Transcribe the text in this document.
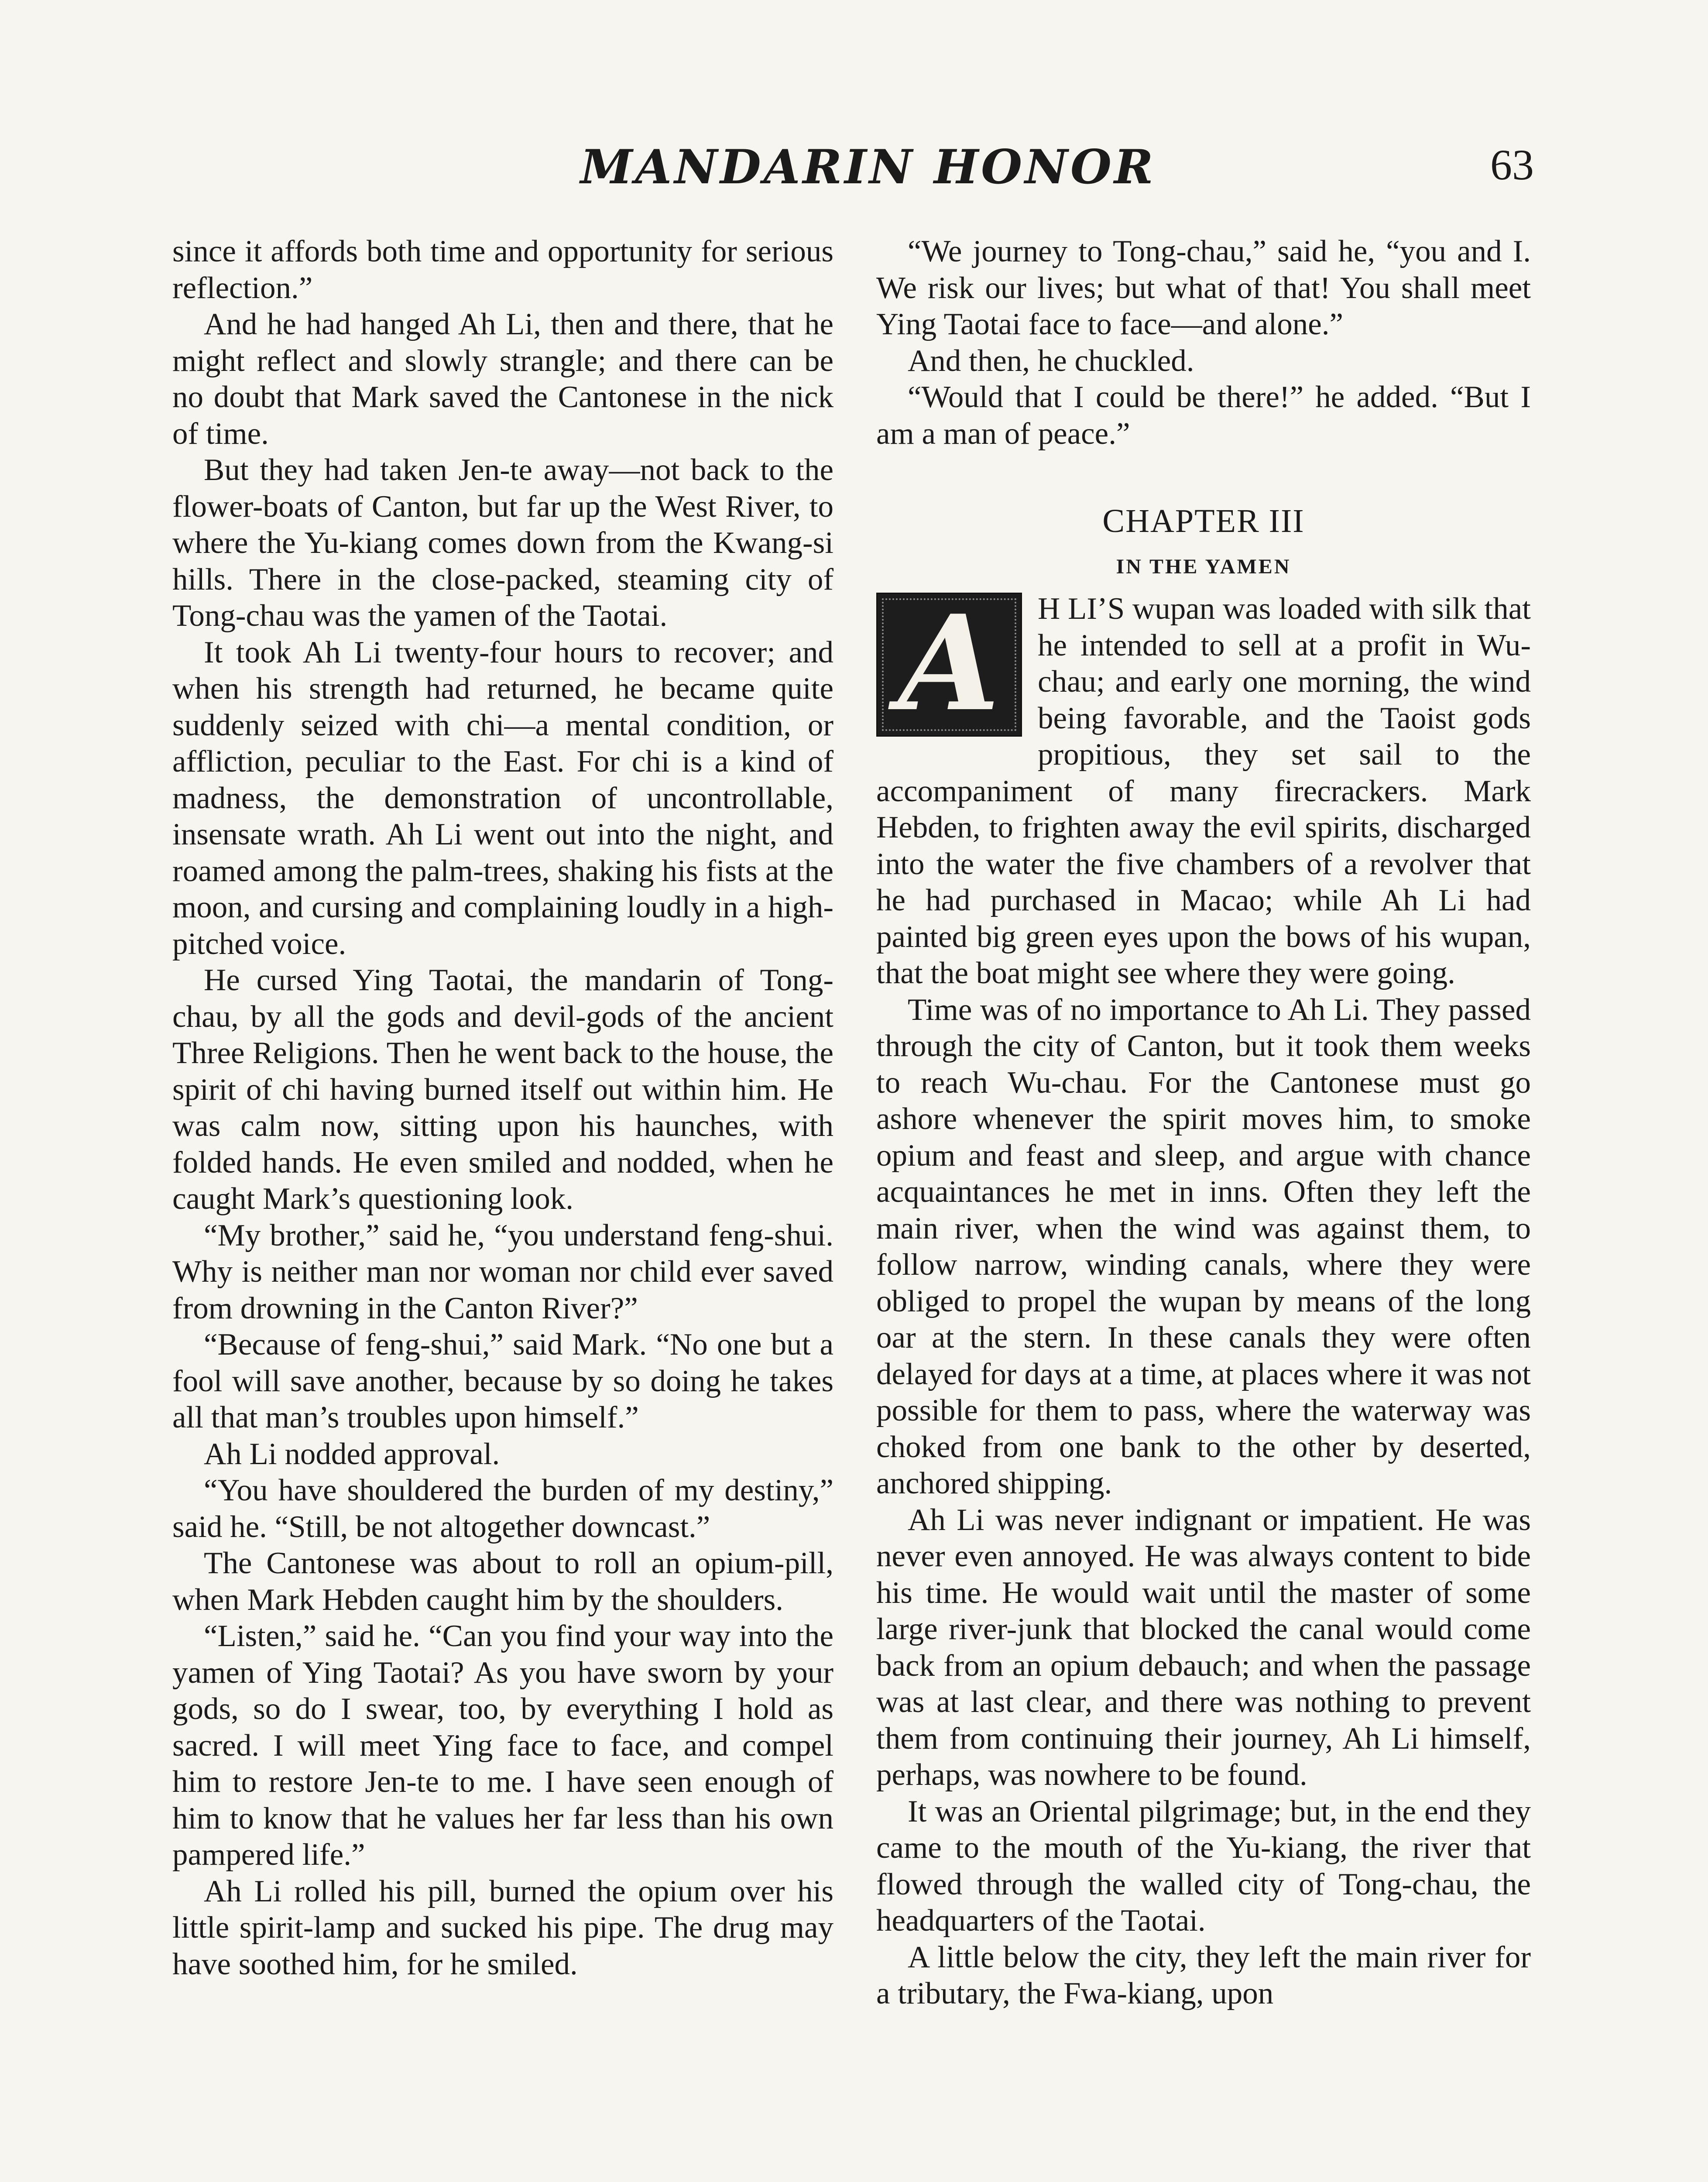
MANDARIN HONOR	63

since it affords both time and opportunity for serious reflection.”

And he had hanged Ah Li, then and there, that he might reflect and slowly strangle; and there can be no doubt that Mark saved the Cantonese in the nick of time.

But they had taken Jen-te away—not back to the flower-boats of Canton, but far up the West River, to where the Yu-kiang comes down from the Kwang-si hills. There in the close-packed, steaming city of Tong-chau was the yamen of the Taotai.

It took Ah Li twenty-four hours to recover; and when his strength had returned, he became quite suddenly seized with chi—a mental condition, or affliction, peculiar to the East. For chi is a kind of madness, the demonstration of uncontrollable, insensate wrath. Ah Li went out into the night, and roamed among the palm-trees, shaking his fists at the moon, and cursing and complaining loudly in a high-pitched voice.

He cursed Ying Taotai, the mandarin of Tong-chau, by all the gods and devil-gods of the ancient Three Religions. Then he went back to the house, the spirit of chi having burned itself out within him. He was calm now, sitting upon his haunches, with folded hands. He even smiled and nodded, when he caught Mark’s questioning look.

“My brother,” said he, “you understand feng-shui. Why is neither man nor woman nor child ever saved from drowning in the Canton River?”

“Because of feng-shui,” said Mark. “No one but a fool will save another, because by so doing he takes all that man’s troubles upon himself.”

Ah Li nodded approval.

“You have shouldered the burden of my destiny,” said he. “Still, be not altogether downcast.”

The Cantonese was about to roll an opium-pill, when Mark Hebden caught him by the shoulders.

“Listen,” said he. “Can you find your way into the yamen of Ying Taotai? As you have sworn by your gods, so do I swear, too, by everything I hold as sacred. I will meet Ying face to face, and compel him to restore Jen-te to me. I have seen enough of him to know that he values her far less than his own pampered life.”

Ah Li rolled his pill, burned the opium over his little spirit-lamp and sucked his pipe. The drug may have soothed him, for he smiled.

“We journey to Tong-chau,” said he, “you and I. We risk our lives; but what of that! You shall meet Ying Taotai face to face—and alone.”

And then, he chuckled.

“Would that I could be there!” he added. “But I am a man of peace.”

CHAPTER III
IN THE YAMEN
A	H LI’S wupan was loaded with silk that he intended to sell at a profit in Wu-chau; and early one morning, the wind being favorable, and the Taoist gods propitious, they set sail to the accompaniment of many firecrackers. Mark Hebden, to frighten away the evil spirits, discharged into the water the five chambers of a revolver that he had purchased in Macao; while Ah Li had painted big green eyes upon the bows of his wupan, that the boat might see where they were going.

Time was of no importance to Ah Li. They passed through the city of Canton, but it took them weeks to reach Wu-chau. For the Cantonese must go ashore whenever the spirit moves him, to smoke opium and feast and sleep, and argue with chance acquaintances he met in inns. Often they left the main river, when the wind was against them, to follow narrow, winding canals, where they were obliged to propel the wupan by means of the long oar at the stern. In these canals they were often delayed for days at a time, at places where it was not possible for them to pass, where the waterway was choked from one bank to the other by deserted, anchored shipping.

Ah Li was never indignant or impatient. He was never even annoyed. He was always content to bide his time. He would wait until the master of some large river-junk that blocked the canal would come back from an opium debauch; and when the passage was at last clear, and there was nothing to prevent them from continuing their journey, Ah Li himself, perhaps, was nowhere to be found.

It was an Oriental pilgrimage; but, in the end they came to the mouth of the Yu-kiang, the river that flowed through the walled city of Tong-chau, the headquarters of the Taotai.

A little below the city, they left the main river for a tributary, the Fwa-kiang, upon
